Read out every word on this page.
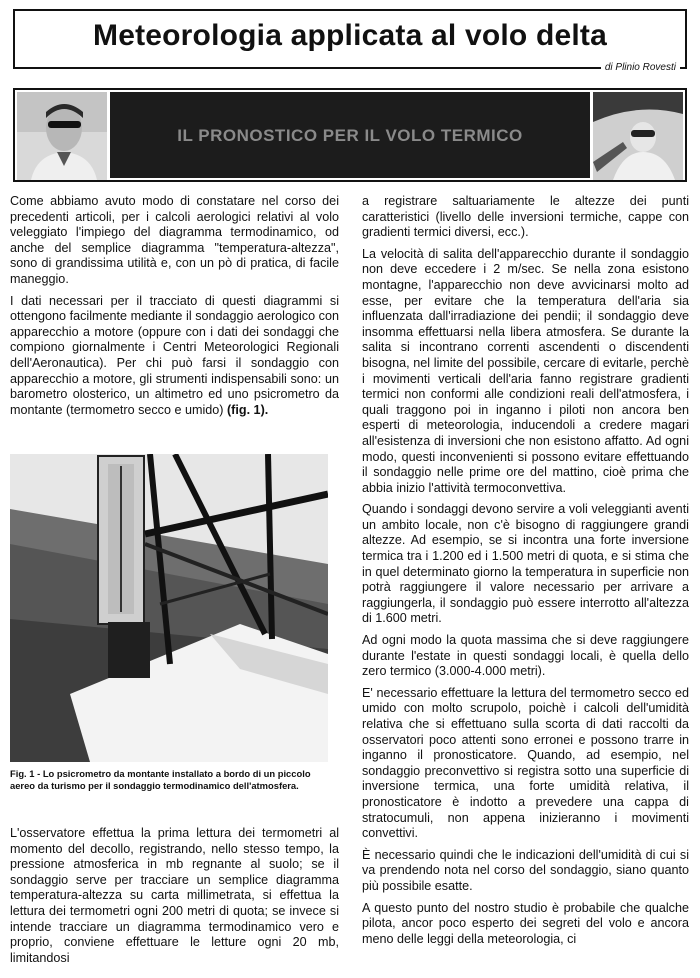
Meteorologia applicata al volo delta
di Plinio Rovesti
IL PRONOSTICO PER IL VOLO TERMICO

Come abbiamo avuto modo di constatare nel corso dei precedenti articoli, per i calcoli aerologici relativi al volo veleggiato l'impiego del diagramma termodinamico, od anche del semplice diagramma "temperatura-altezza", sono di grandissima utilità e, con un pò di pratica, di facile maneggio.

I dati necessari per il tracciato di questi diagrammi si ottengono facilmente mediante il sondaggio aerologico con apparecchio a motore (oppure con i dati dei sondaggi che compiono giornalmente i Centri Meteorologici Regionali dell'Aeronautica). Per chi può farsi il sondaggio con apparecchio a motore, gli strumenti indispensabili sono: un barometro olosterico, un altimetro ed uno psicrometro da montante (termometro secco e umido) (fig. 1).

Fig. 1 - Lo psicrometro da montante installato a bordo di un piccolo aereo da turismo per il sondaggio termodinamico dell'atmosfera.

L'osservatore effettua la prima lettura dei termometri al momento del decollo, registrando, nello stesso tempo, la pressione atmosferica in mb regnante al suolo; se il sondaggio serve per tracciare un semplice diagramma temperatura-altezza su carta millimetrata, si effettua la lettura dei termometri ogni 200 metri di quota; se invece si intende tracciare un diagramma termodinamico vero e proprio, conviene effettuare le letture ogni 20 mb, limitandosi

a registrare saltuariamente le altezze dei punti caratteristici (livello delle inversioni termiche, cappe con gradienti termici diversi, ecc.).

La velocità di salita dell'apparecchio durante il sondaggio non deve eccedere i 2 m/sec. Se nella zona esistono montagne, l'apparecchio non deve avvicinarsi molto ad esse, per evitare che la temperatura dell'aria sia influenzata dall'irradiazione dei pendii; il sondaggio deve insomma effettuarsi nella libera atmosfera. Se durante la salita si incontrano correnti ascendenti o discendenti bisogna, nel limite del possibile, cercare di evitarle, perchè i movimenti verticali dell'aria fanno registrare gradienti termici non conformi alle condizioni reali dell'atmosfera, i quali traggono poi in inganno i piloti non ancora ben esperti di meteorologia, inducendoli a credere magari all'esistenza di inversioni che non esistono affatto. Ad ogni modo, questi inconvenienti si possono evitare effettuando il sondaggio nelle prime ore del mattino, cioè prima che abbia inizio l'attività termoconvettiva.

Quando i sondaggi devono servire a voli veleggianti aventi un ambito locale, non c'è bisogno di raggiungere grandi altezze. Ad esempio, se si incontra una forte inversione termica tra i 1.200 ed i 1.500 metri di quota, e si stima che in quel determinato giorno la temperatura in superficie non potrà raggiungere il valore necessario per arrivare a raggiungerla, il sondaggio può essere interrotto all'altezza di 1.600 metri.

Ad ogni modo la quota massima che si deve raggiungere durante l'estate in questi sondaggi locali, è quella dello zero termico (3.000-4.000 metri).

E' necessario effettuare la lettura del termometro secco ed umido con molto scrupolo, poichè i calcoli dell'umidità relativa che si effettuano sulla scorta di dati raccolti da osservatori poco attenti sono erronei e possono trarre in inganno il pronosticatore. Quando, ad esempio, nel sondaggio preconvettivo si registra sotto una superficie di inversione termica, una forte umidità relativa, il pronosticatore è indotto a prevedere una cappa di stratocumuli, non appena inizieranno i movimenti convettivi.

È necessario quindi che le indicazioni dell'umidità di cui si va prendendo nota nel corso del sondaggio, siano quanto più possibile esatte.

A questo punto del nostro studio è probabile che qualche pilota, ancor poco esperto dei segreti del volo e ancora meno delle leggi della meteorologia, ci
